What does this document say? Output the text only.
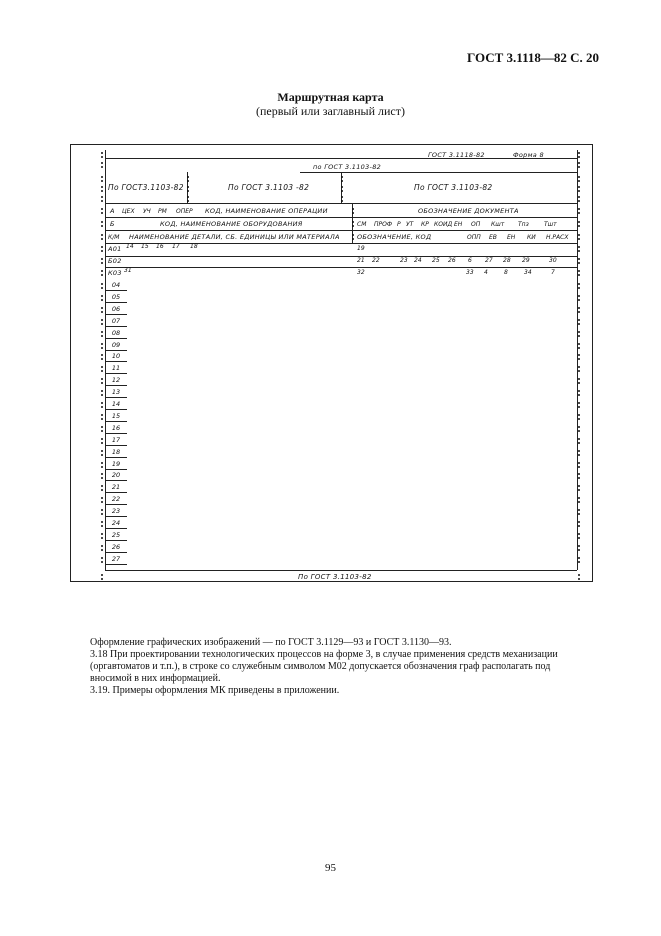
ГОСТ 3.1118—82 С. 20
Маршрутная карта
(первый или заглавный лист)
ГОСТ 3.1118-82	Форма 8
по ГОСТ 3.1103-82
По ГОСТ3.1103-82	По ГОСТ 3.1103 -82	По ГОСТ 3.1103-82
А ЦЕХ УЧ РМ ОПЕР КОД, НАИМЕНОВАНИЕ ОПЕРАЦИИ	ОБОЗНАЧЕНИЕ ДОКУМЕНТА
Б	КОД, НАИМЕНОВАНИЕ ОБОРУДОВАНИЯ	СМ ПРОФ Р УТ КР КОИД ЕН ОП Кшт Тпз	Тшт
К/М НАИМЕНОВАНИЕ ДЕТАЛИ, СБ. ЕДИНИЦЫ ИЛИ МАТЕРИАЛА	ОБОЗНАЧЕНИЕ, КОД	ОПП ЕВ ЕН КИ Н.РАСХ
А01 14 15 16 17 18	19
Б02	21 22	23 24 25 26 6 27 28 29	30
К03 31	32	33 4	8	34	7
04
05
06
07
08
09
10
11
12
13
14
15
16
17
18
19
20
21
22
23
24
25
26
27
По ГОСТ 3.1103-82
Оформление графических изображений — по ГОСТ 3.1129—93 и ГОСТ 3.1130—93.
3.18 При проектировании технологических процессов на форме 3, в случае применения средств механизации (оргавтоматов и т.п.), в строке со служебным символом М02 допускается обозначения граф располагать под вносимой в них информацией.
3.19. Примеры оформления МК приведены в приложении.
95
